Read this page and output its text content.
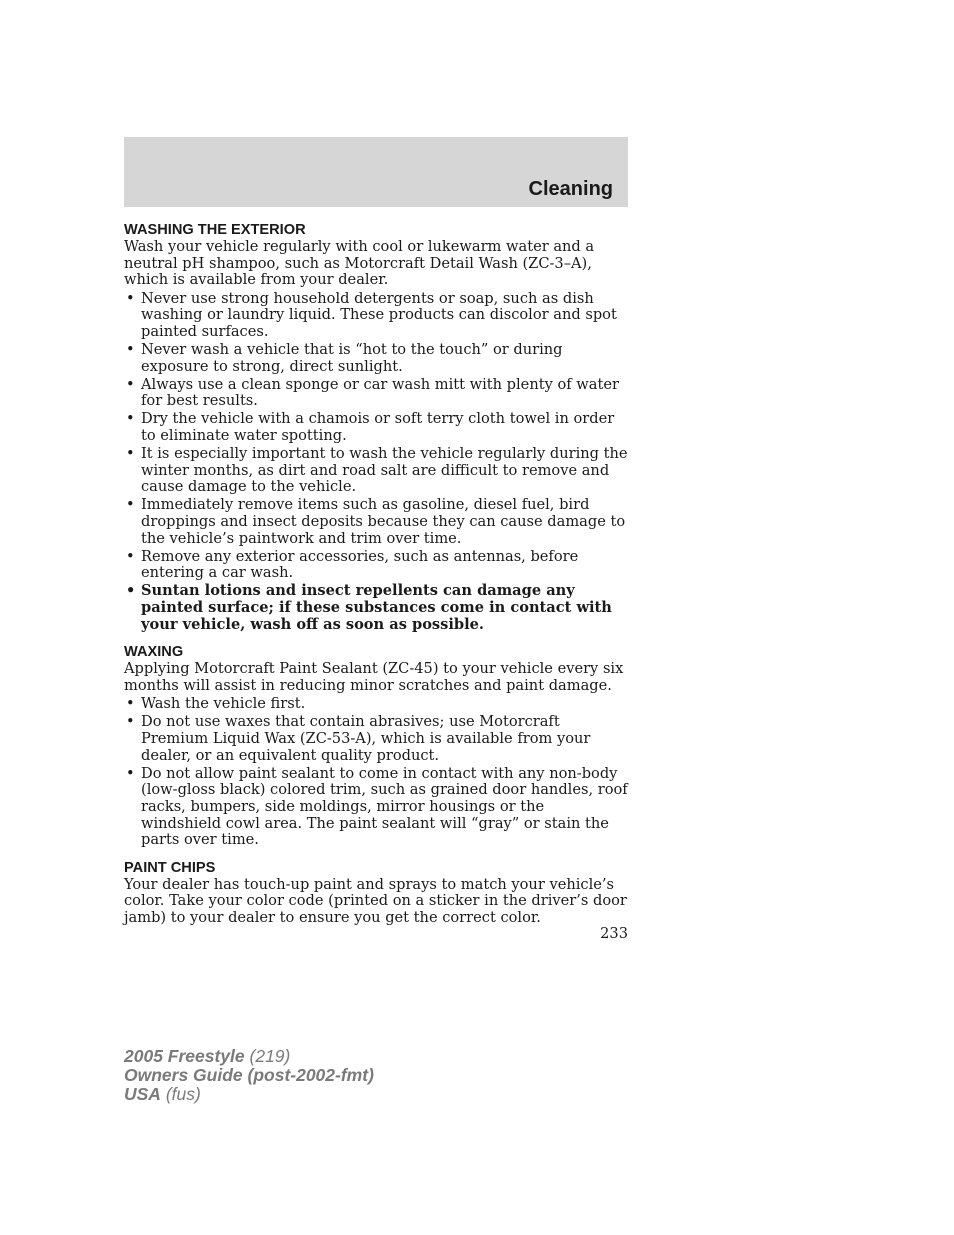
Cleaning
WASHING THE EXTERIOR

Wash your vehicle regularly with cool or lukewarm water and a neutral pH shampoo, such as Motorcraft Detail Wash (ZC-3–A), which is available from your dealer.

• Never use strong household detergents or soap, such as dish washing or laundry liquid. These products can discolor and spot painted surfaces.
• Never wash a vehicle that is “hot to the touch” or during exposure to strong, direct sunlight.
• Always use a clean sponge or car wash mitt with plenty of water for best results.
• Dry the vehicle with a chamois or soft terry cloth towel in order to eliminate water spotting.
• It is especially important to wash the vehicle regularly during the winter months, as dirt and road salt are difficult to remove and cause damage to the vehicle.
• Immediately remove items such as gasoline, diesel fuel, bird droppings and insect deposits because they can cause damage to the vehicle’s paintwork and trim over time.
• Remove any exterior accessories, such as antennas, before entering a car wash.
• Suntan lotions and insect repellents can damage any painted surface; if these substances come in contact with your vehicle, wash off as soon as possible.
WAXING

Applying Motorcraft Paint Sealant (ZC-45) to your vehicle every six months will assist in reducing minor scratches and paint damage.

• Wash the vehicle first.
• Do not use waxes that contain abrasives; use Motorcraft Premium Liquid Wax (ZC-53-A), which is available from your dealer, or an equivalent quality product.
• Do not allow paint sealant to come in contact with any non-body (low-gloss black) colored trim, such as grained door handles, roof racks, bumpers, side moldings, mirror housings or the windshield cowl area. The paint sealant will “gray” or stain the parts over time.
PAINT CHIPS

Your dealer has touch-up paint and sprays to match your vehicle’s color. Take your color code (printed on a sticker in the driver’s door jamb) to your dealer to ensure you get the correct color.

233
2005 Freestyle (219)
Owners Guide (post-2002-fmt)
USA (fus)
